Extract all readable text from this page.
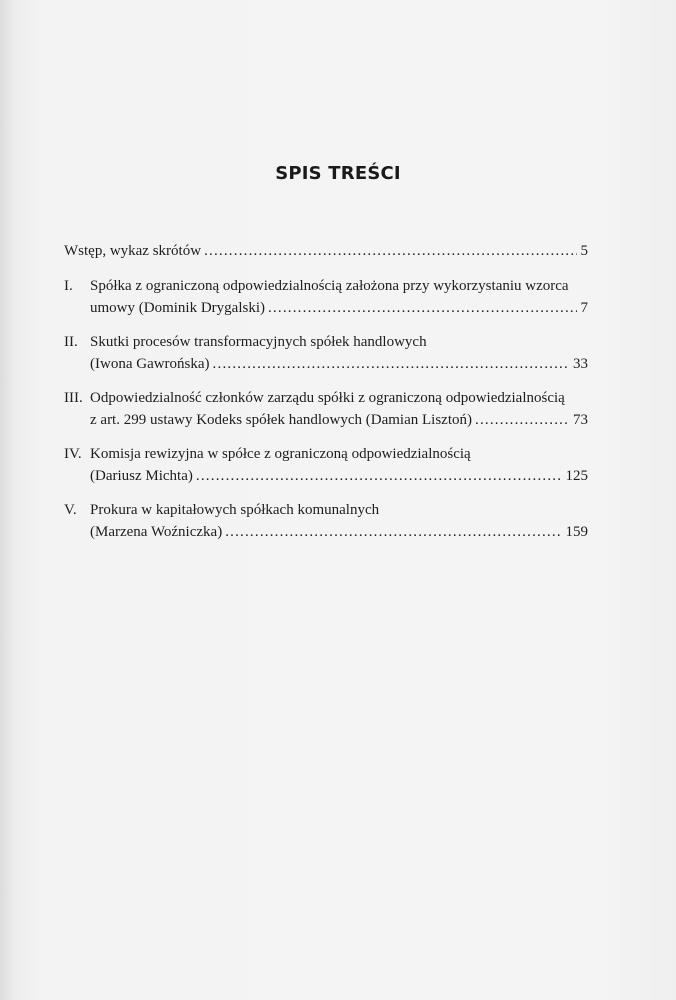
SPIS TREŚCI
Wstęp, wykaz skrótów .....	5
I.	Spółka z ograniczoną odpowiedzialnością założona przy wykorzystaniu wzorca
umowy (Dominik Drygalski) .....	7
II. Skutki procesów transformacyjnych spółek handlowych
(Iwona Gawrońska) .....	33
III. Odpowiedzialność członków zarządu spółki z ograniczoną odpowiedzialnością
z art. 299 ustawy Kodeks spółek handlowych (Damian Lisztoń) .....	73
IV. Komisja rewizyjna w spółce z ograniczoną odpowiedzialnością
(Dariusz Michta) .....	125
V. Prokura w kapitałowych spółkach komunalnych
(Marzena Woźniczka) .....	159
